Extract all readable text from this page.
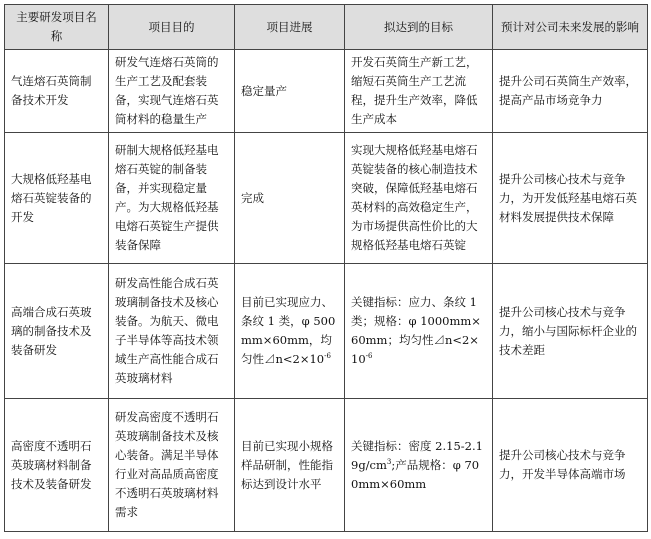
主要研发项目名称	项目目的	项目进展	拟达到的目标	预计对公司未来发展的影响
气连熔石英筒制备技术开发	研发气连熔石英筒的生产工艺及配套装备，实现气连熔石英筒材料的稳量生产	稳定量产	开发石英筒生产新工艺，缩短石英筒生产工艺流程，提升生产效率，降低生产成本	提升公司石英筒生产效率，提高产品市场竞争力
大规格低羟基电熔石英锭装备的开发	研制大规格低羟基电熔石英锭的制备装备，并实现稳定量产。为大规格低羟基电熔石英锭生产提供装备保障	完成	实现大规格低羟基电熔石英锭装备的核心制造技术突破，保障低羟基电熔石英材料的高效稳定生产，为市场提供高性价比的大规格低羟基电熔石英锭	提升公司核心技术与竞争力，为开发低羟基电熔石英材料发展提供技术保障
高端合成石英玻璃的制备技术及装备研发	研发高性能合成石英玻璃制备技术及核心装备。为航天、微电子半导体等高技术领域生产高性能合成石英玻璃材料	目前已实现应力、条纹 1 类，φ 500mm×60mm，均匀性$⊿n<2\times 10^{-6}$	关键指标：应力、条纹 1 类；规格：φ 1000mm×60mm；均匀性$⊿n<2\times 10^{-6}$	提升公司核心技术与竞争力，缩小与国际标杆企业的技术差距
高密度不透明石英玻璃材料制备技术及装备研发	研发高密度不透明石英玻璃制备技术及核心装备。满足半导体行业对高品质高密度不透明石英玻璃材料需求	目前已实现小规格样品研制，性能指标达到设计水平	关键指标：密度 $2.15-2.19g/cm^3$;产品规格：φ 700mm×60mm	提升公司核心技术与竞争力，开发半导体高端市场
